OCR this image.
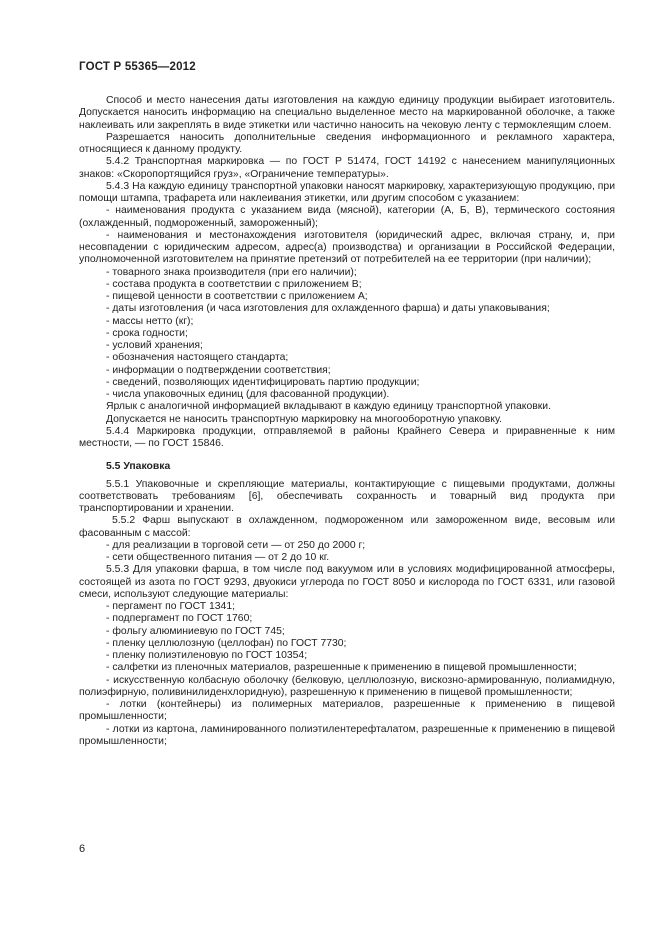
ГОСТ Р 55365—2012
Способ и место нанесения даты изготовления на каждую единицу продукции выбирает изготовитель. Допускается наносить информацию на специально выделенное место на маркированной оболочке, а также наклеивать или закреплять в виде этикетки или частично наносить на чековую ленту с термоклеящим слоем.
Разрешается наносить дополнительные сведения информационного и рекламного характера, относящиеся к данному продукту.
5.4.2 Транспортная маркировка — по ГОСТ Р 51474, ГОСТ 14192 с нанесением манипуляционных знаков: «Скоропортящийся груз», «Ограничение температуры».
5.4.3 На каждую единицу транспортной упаковки наносят маркировку, характеризующую продукцию, при помощи штампа, трафарета или наклеивания этикетки, или другим способом с указанием:
- наименования продукта с указанием вида (мясной), категории (А, Б, В), термического состояния (охлажденный, подмороженный, замороженный);
- наименования и местонахождения изготовителя (юридический адрес, включая страну, и, при несовпадении с юридическим адресом, адрес(а) производства) и организации в Российской Федерации, уполномоченной изготовителем на принятие претензий от потребителей на ее территории (при наличии);
- товарного знака производителя (при его наличии);
- состава продукта в соответствии с приложением В;
- пищевой ценности в соответствии с приложением А;
- даты изготовления (и часа изготовления для охлажденного фарша) и даты упаковывания;
- массы нетто (кг);
- срока годности;
- условий хранения;
- обозначения настоящего стандарта;
- информации о подтверждении соответствия;
- сведений, позволяющих идентифицировать партию продукции;
- числа упаковочных единиц (для фасованной продукции).
Ярлык с аналогичной информацией вкладывают в каждую единицу транспортной упаковки.
Допускается не наносить транспортную маркировку на многооборотную упаковку.
5.4.4 Маркировка продукции, отправляемой в районы Крайнего Севера и приравненные к ним местности, — по ГОСТ 15846.
5.5 Упаковка
5.5.1 Упаковочные и скрепляющие материалы, контактирующие с пищевыми продуктами, должны соответствовать требованиям [6], обеспечивать сохранность и товарный вид продукта при транспортировании и хранении.
5.5.2 Фарш выпускают в охлажденном, подмороженном или замороженном виде, весовым или фасованным с массой:
- для реализации в торговой сети — от 250 до 2000 г;
- сети общественного питания — от 2 до 10 кг.
5.5.3 Для упаковки фарша, в том числе под вакуумом или в условиях модифицированной атмосферы, состоящей из азота по ГОСТ 9293, двуокиси углерода по ГОСТ 8050 и кислорода по ГОСТ 6331, или газовой смеси, используют следующие материалы:
- пергамент по ГОСТ 1341;
- подпергамент по ГОСТ 1760;
- фольгу алюминиевую по ГОСТ 745;
- пленку целлюлозную (целлофан) по ГОСТ 7730;
- пленку полиэтиленовую по ГОСТ 10354;
- салфетки из пленочных материалов, разрешенные к применению в пищевой промышленности;
- искусственную колбасную оболочку (белковую, целлюлозную, вискозно-армированную, полиамидную, полиэфирную, поливинилиденхлоридную), разрешенную к применению в пищевой промышленности;
- лотки (контейнеры) из полимерных материалов, разрешенные к применению в пищевой промышленности;
- лотки из картона, ламинированного полиэтилентерефталатом, разрешенные к применению в пищевой промышленности;
6
